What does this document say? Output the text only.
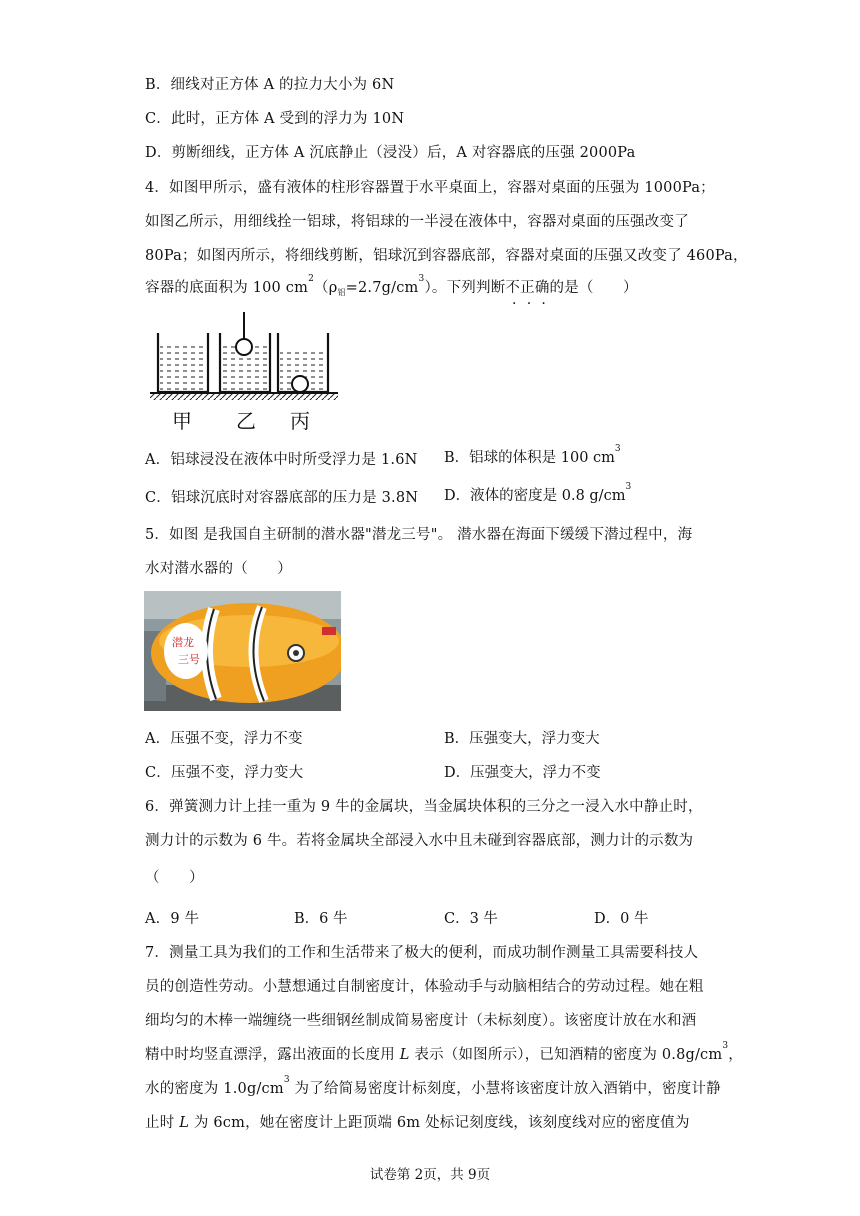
B．细线对正方体 A 的拉力大小为 6N
C．此时，正方体 A 受到的浮力为 10N
D．剪断细线，正方体 A 沉底静止（浸没）后，A 对容器底的压强 2000Pa
4．如图甲所示，盛有液体的柱形容器置于水平桌面上，容器对桌面的压强为 1000Pa；
如图乙所示，用细线拴一铝球，将铝球的一半浸在液体中，容器对桌面的压强改变了
80Pa；如图丙所示，将细线剪断，铝球沉到容器底部，容器对桌面的压强又改变了 460Pa，
容器的底面积为 100 $cm^2(\rho_铝=2.7g/cm^3)$。下列判断不正确的是（　　）
甲 乙 丙
A．铝球浸没在液体中时所受浮力是 1.6N B．铝球的体积是 100 $cm^3$
C．铝球沉底时对容器底部的压力是 3.8N D．液体的密度是 0.8 $g/cm^3$
5．如图 是我国自主研制的潜水器"潜龙三号"。 潜水器在海面下缓缓下潜过程中，海
水对潜水器的（　　）
潜龙
三号
A．压强不变，浮力不变	B．压强变大，浮力变大
C．压强不变，浮力变大	D．压强变大，浮力不变
6．弹簧测力计上挂一重为 9 牛的金属块，当金属块体积的三分之一浸入水中静止时，
测力计的示数为 6 牛。若将金属块全部浸入水中且未碰到容器底部，测力计的示数为
（　　）
A．9 牛	B．6 牛	C．3 牛	D．0 牛
7．测量工具为我们的工作和生活带来了极大的便利，而成功制作测量工具需要科技人
员的创造性劳动。小慧想通过自制密度计，体验动手与动脑相结合的劳动过程。她在粗
细均匀的木棒一端缠绕一些细钢丝制成简易密度计（未标刻度）。该密度计放在水和酒
精中时均竖直漂浮，露出液面的长度用 L 表示（如图所示），已知酒精的密度为 $0.8g/cm^3$，
水的密度为 $1.0g/cm^3$ 为了给简易密度计标刻度，小慧将该密度计放入酒销中，密度计静
止时 L 为 6cm，她在密度计上距顶端 6m 处标记刻度线，该刻度线对应的密度值为
试卷第 2页，共 9页
